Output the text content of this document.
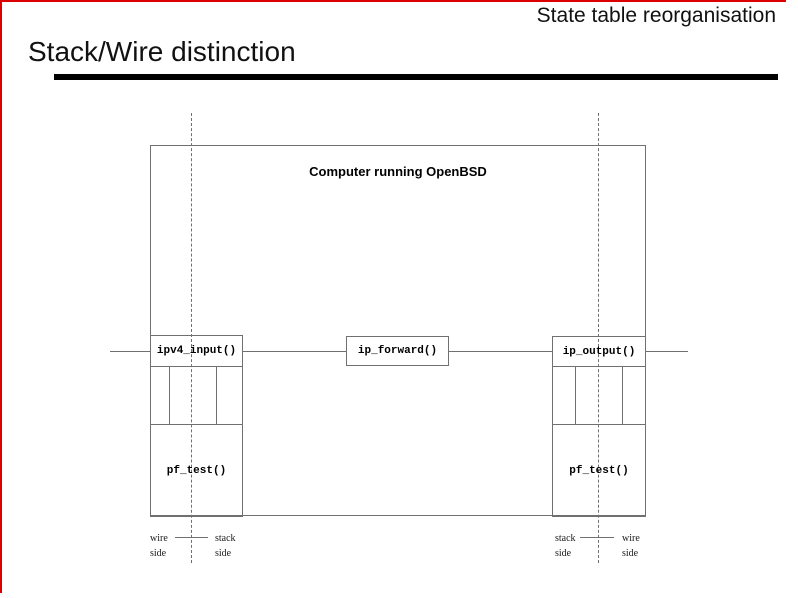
State table reorganisation
Stack/Wire distinction
Computer running OpenBSD
ipv4_input()	ip_forward()	ip_output()
pf_test()	pf_test()
wire
side
stack
side
stack
side
wire
side
